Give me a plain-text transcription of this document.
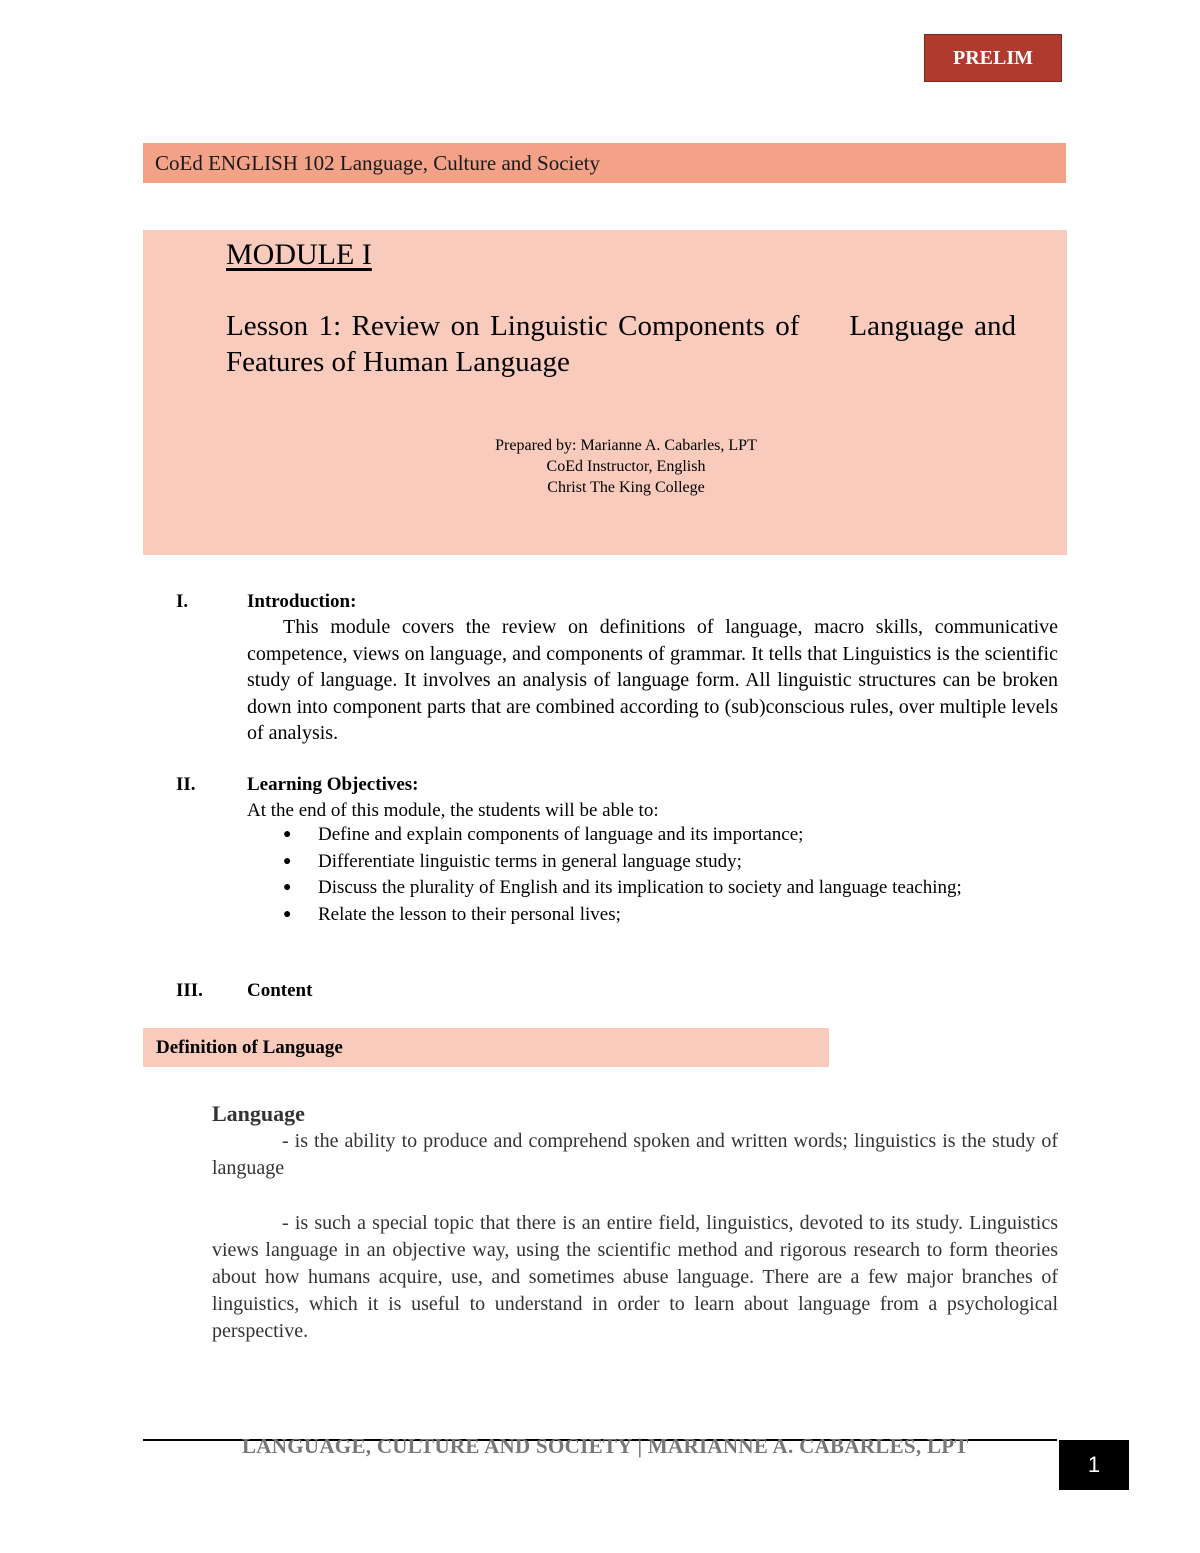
PRELIM
CoEd ENGLISH 102 Language, Culture and Society
MODULE I
Lesson 1: Review on Linguistic Components of Language and Features of Human Language
Prepared by: Marianne A. Cabarles, LPT
CoEd Instructor, English
Christ The King College
I.	Introduction:
This module covers the review on definitions of language, macro skills, communicative competence, views on language, and components of grammar. It tells that Linguistics is the scientific study of language. It involves an analysis of language form. All linguistic structures can be broken down into component parts that are combined according to (sub)conscious rules, over multiple levels of analysis.
II.	Learning Objectives:
At the end of this module, the students will be able to:
● Define and explain components of language and its importance;
● Differentiate linguistic terms in general language study;
● Discuss the plurality of English and its implication to society and language teaching;
● Relate the lesson to their personal lives;
III. Content
Definition of Language
Language
- is the ability to produce and comprehend spoken and written words; linguistics is the study of language
- is such a special topic that there is an entire field, linguistics, devoted to its study. Linguistics views language in an objective way, using the scientific method and rigorous research to form theories about how humans acquire, use, and sometimes abuse language. There are a few major branches of linguistics, which it is useful to understand in order to learn about language from a psychological perspective.
LANGUAGE, CULTURE AND SOCIETY | MARIANNE A. CABARLES, LPT
1
